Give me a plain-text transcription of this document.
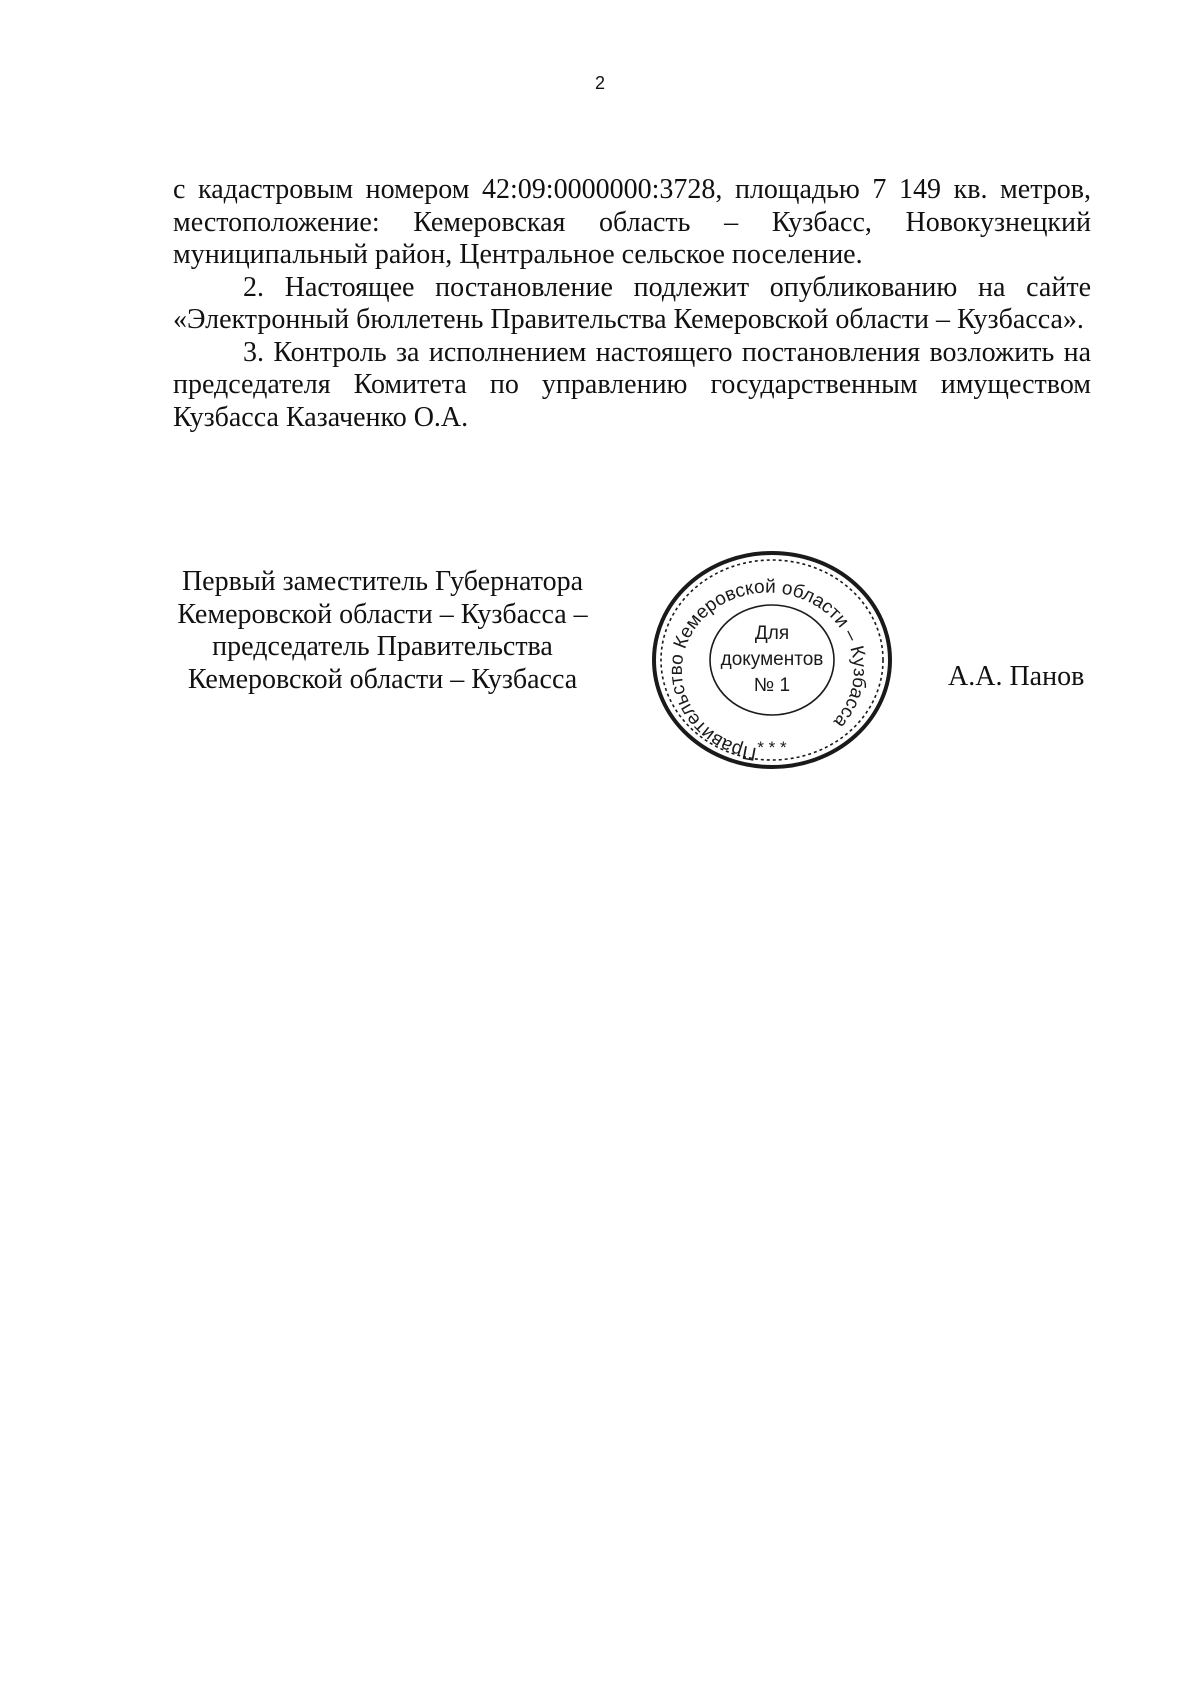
2

с кадастровым номером 42:09:0000000:3728, площадью 7 149 кв. метров, местоположение: Кемеровская область – Кузбасс, Новокузнецкий муниципальный район, Центральное сельское поселение.

2. Настоящее постановление подлежит опубликованию на сайте «Электронный бюллетень Правительства Кемеровской области – Кузбасса».

3. Контроль за исполнением настоящего постановления возложить на председателя Комитета по управлению государственным имуществом Кузбасса Казаченко О.А.

Первый заместитель Губернатора
Кемеровской области – Кузбасса –
председатель Правительства
Кемеровской области – Кузбасса
Правительство Кемеровской области – Кузбасса
Для
документов
№ 1
* * *
А.А. Панов
